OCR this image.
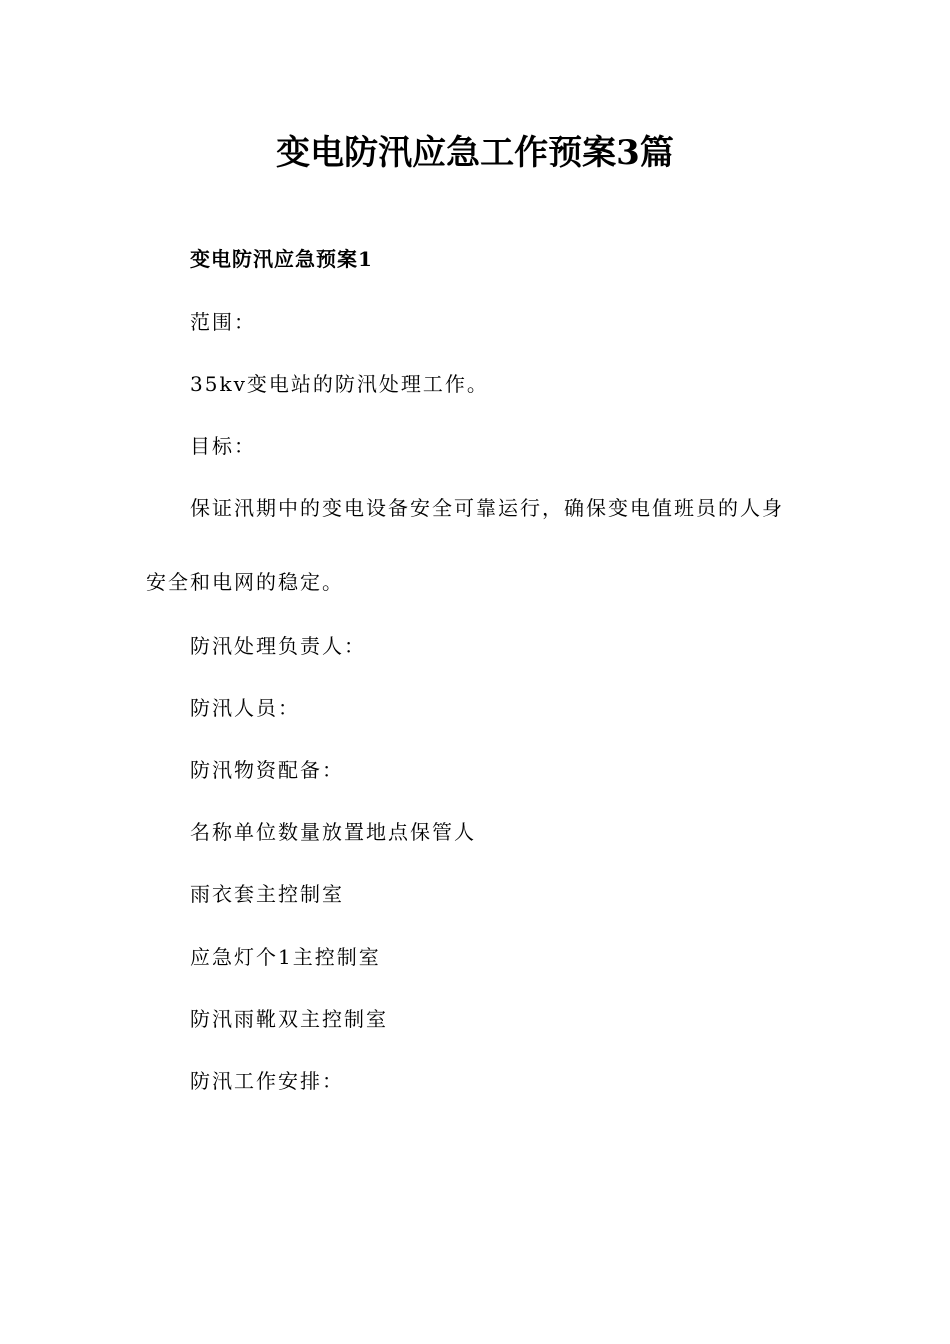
变电防汛应急工作预案3篇
变电防汛应急预案1
范围：
35kv变电站的防汛处理工作。
目标：
保证汛期中的变电设备安全可靠运行，确保变电值班员的人身
安全和电网的稳定。
防汛处理负责人：
防汛人员：
防汛物资配备：
名称单位数量放置地点保管人
雨衣套主控制室
应急灯个1主控制室
防汛雨靴双主控制室
防汛工作安排：
